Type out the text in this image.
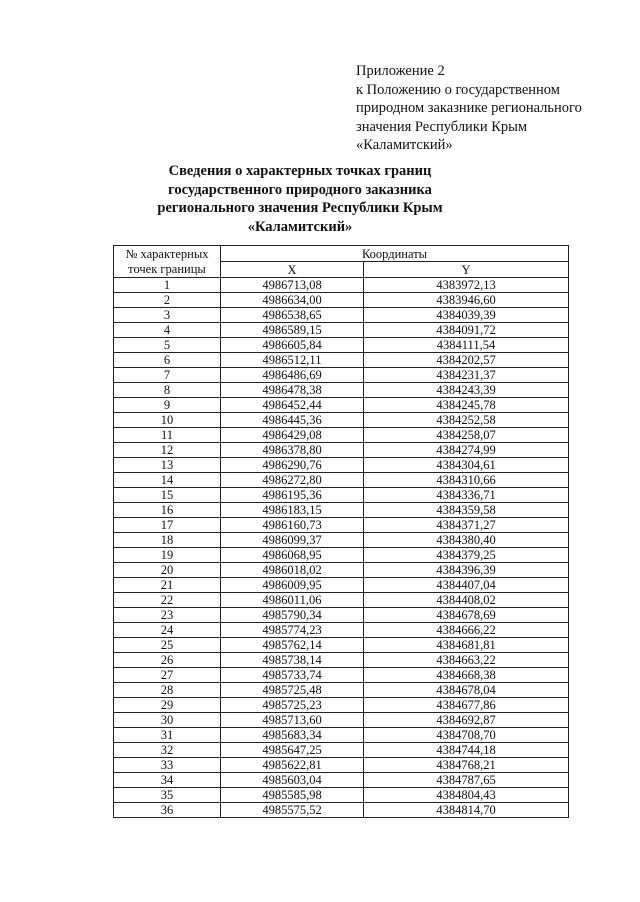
Приложение 2
к Положению о государственном
природном заказнике регионального
значения Республики Крым
«Каламитский»
Сведения о характерных точках границ
государственного природного заказника
регионального значения Республики Крым
«Каламитский»
№ характерных
точек границы	Координаты	
	X	Y
1	4986713,08	4383972,13
2	4986634,00	4383946,60
3	4986538,65	4384039,39
4	4986589,15	4384091,72
5	4986605,84	4384111,54
6	4986512,11	4384202,57
7	4986486,69	4384231,37
8	4986478,38	4384243,39
9	4986452,44	4384245,78
10	4986445,36	4384252,58
11	4986429,08	4384258,07
12	4986378,80	4384274,99
13	4986290,76	4384304,61
14	4986272,80	4384310,66
15	4986195,36	4384336,71
16	4986183,15	4384359,58
17	4986160,73	4384371,27
18	4986099,37	4384380,40
19	4986068,95	4384379,25
20	4986018,02	4384396,39
21	4986009,95	4384407,04
22	4986011,06	4384408,02
23	4985790,34	4384678,69
24	4985774,23	4384666,22
25	4985762,14	4384681,81
26	4985738,14	4384663,22
27	4985733,74	4384668,38
28	4985725,48	4384678,04
29	4985725,23	4384677,86
30	4985713,60	4384692,87
31	4985683,34	4384708,70
32	4985647,25	4384744,18
33	4985622,81	4384768,21
34	4985603,04	4384787,65
35	4985585,98	4384804,43
36	4985575,52	4384814,70
